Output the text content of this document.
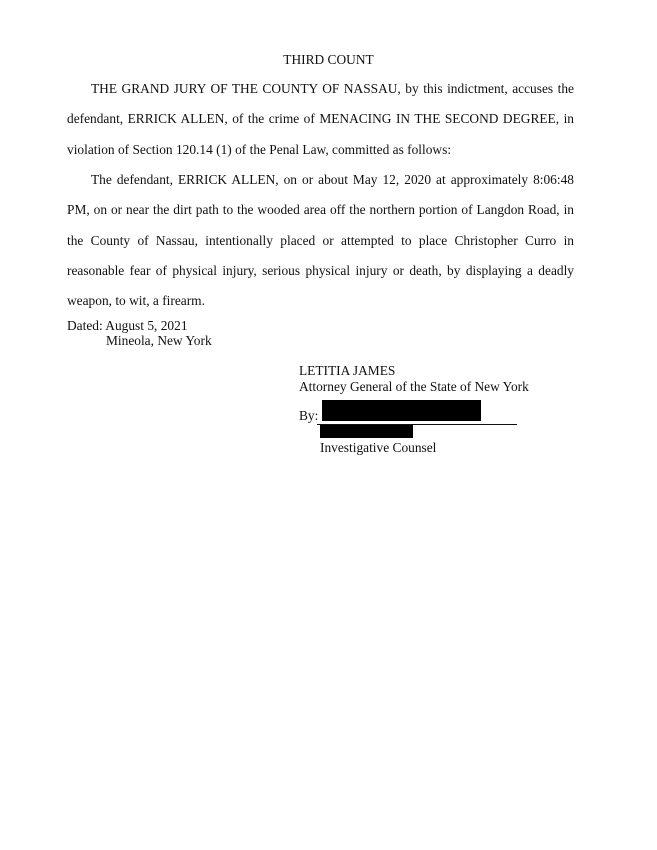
THIRD COUNT

THE GRAND JURY OF THE COUNTY OF NASSAU, by this indictment, accuses the defendant, ERRICK ALLEN, of the crime of MENACING IN THE SECOND DEGREE, in violation of Section 120.14 (1) of the Penal Law, committed as follows:

The defendant, ERRICK ALLEN, on or about May 12, 2020 at approximately 8:06:48 PM, on or near the dirt path to the wooded area off the northern portion of Langdon Road, in the County of Nassau, intentionally placed or attempted to place Christopher Curro in reasonable fear of physical injury, serious physical injury or death, by displaying a deadly weapon, to wit, a firearm.

Dated: August 5, 2021
Mineola, New York
LETITIA JAMES
Attorney General of the State of New York
By:
Investigative Counsel
